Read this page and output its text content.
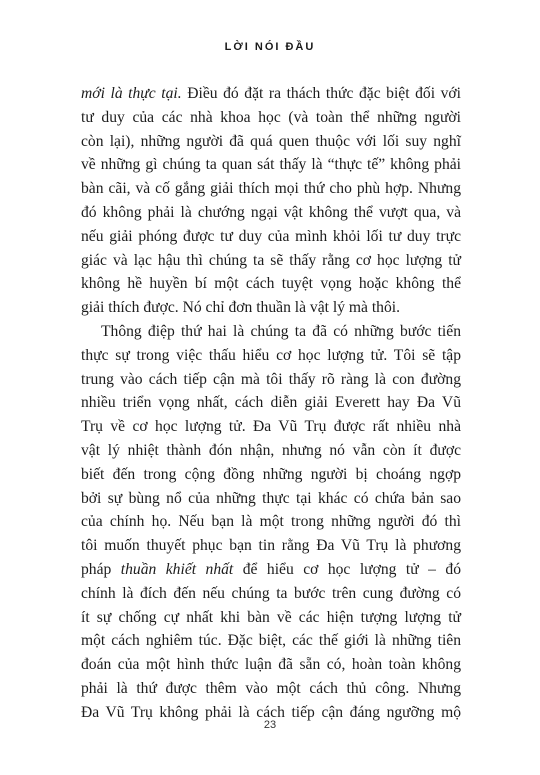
LỜI NÓI ĐẦU
mới là thực tại. Điều đó đặt ra thách thức đặc biệt đối với
tư duy của các nhà khoa học (và toàn thể những người
còn lại), những người đã quá quen thuộc với lối suy nghĩ
về những gì chúng ta quan sát thấy là “thực tế” không phải
bàn cãi, và cố gắng giải thích mọi thứ cho phù hợp. Nhưng
đó không phải là chướng ngại vật không thể vượt qua, và
nếu giải phóng được tư duy của mình khỏi lối tư duy trực
giác và lạc hậu thì chúng ta sẽ thấy rằng cơ học lượng tử
không hề huyền bí một cách tuyệt vọng hoặc không thể
giải thích được. Nó chỉ đơn thuần là vật lý mà thôi.
Thông điệp thứ hai là chúng ta đã có những bước tiến
thực sự trong việc thấu hiểu cơ học lượng tử. Tôi sẽ tập
trung vào cách tiếp cận mà tôi thấy rõ ràng là con đường
nhiều triển vọng nhất, cách diễn giải Everett hay Đa Vũ
Trụ về cơ học lượng tử. Đa Vũ Trụ được rất nhiều nhà
vật lý nhiệt thành đón nhận, nhưng nó vẫn còn ít được
biết đến trong cộng đồng những người bị choáng ngợp
bởi sự bùng nổ của những thực tại khác có chứa bản sao
của chính họ. Nếu bạn là một trong những người đó thì
tôi muốn thuyết phục bạn tin rằng Đa Vũ Trụ là phương
pháp thuần khiết nhất để hiểu cơ học lượng tử – đó
chính là đích đến nếu chúng ta bước trên cung đường có
ít sự chống cự nhất khi bàn về các hiện tượng lượng tử
một cách nghiêm túc. Đặc biệt, các thế giới là những tiên
đoán của một hình thức luận đã sẵn có, hoàn toàn không
phải là thứ được thêm vào một cách thủ công. Nhưng
Đa Vũ Trụ không phải là cách tiếp cận đáng ngưỡng mộ
23
